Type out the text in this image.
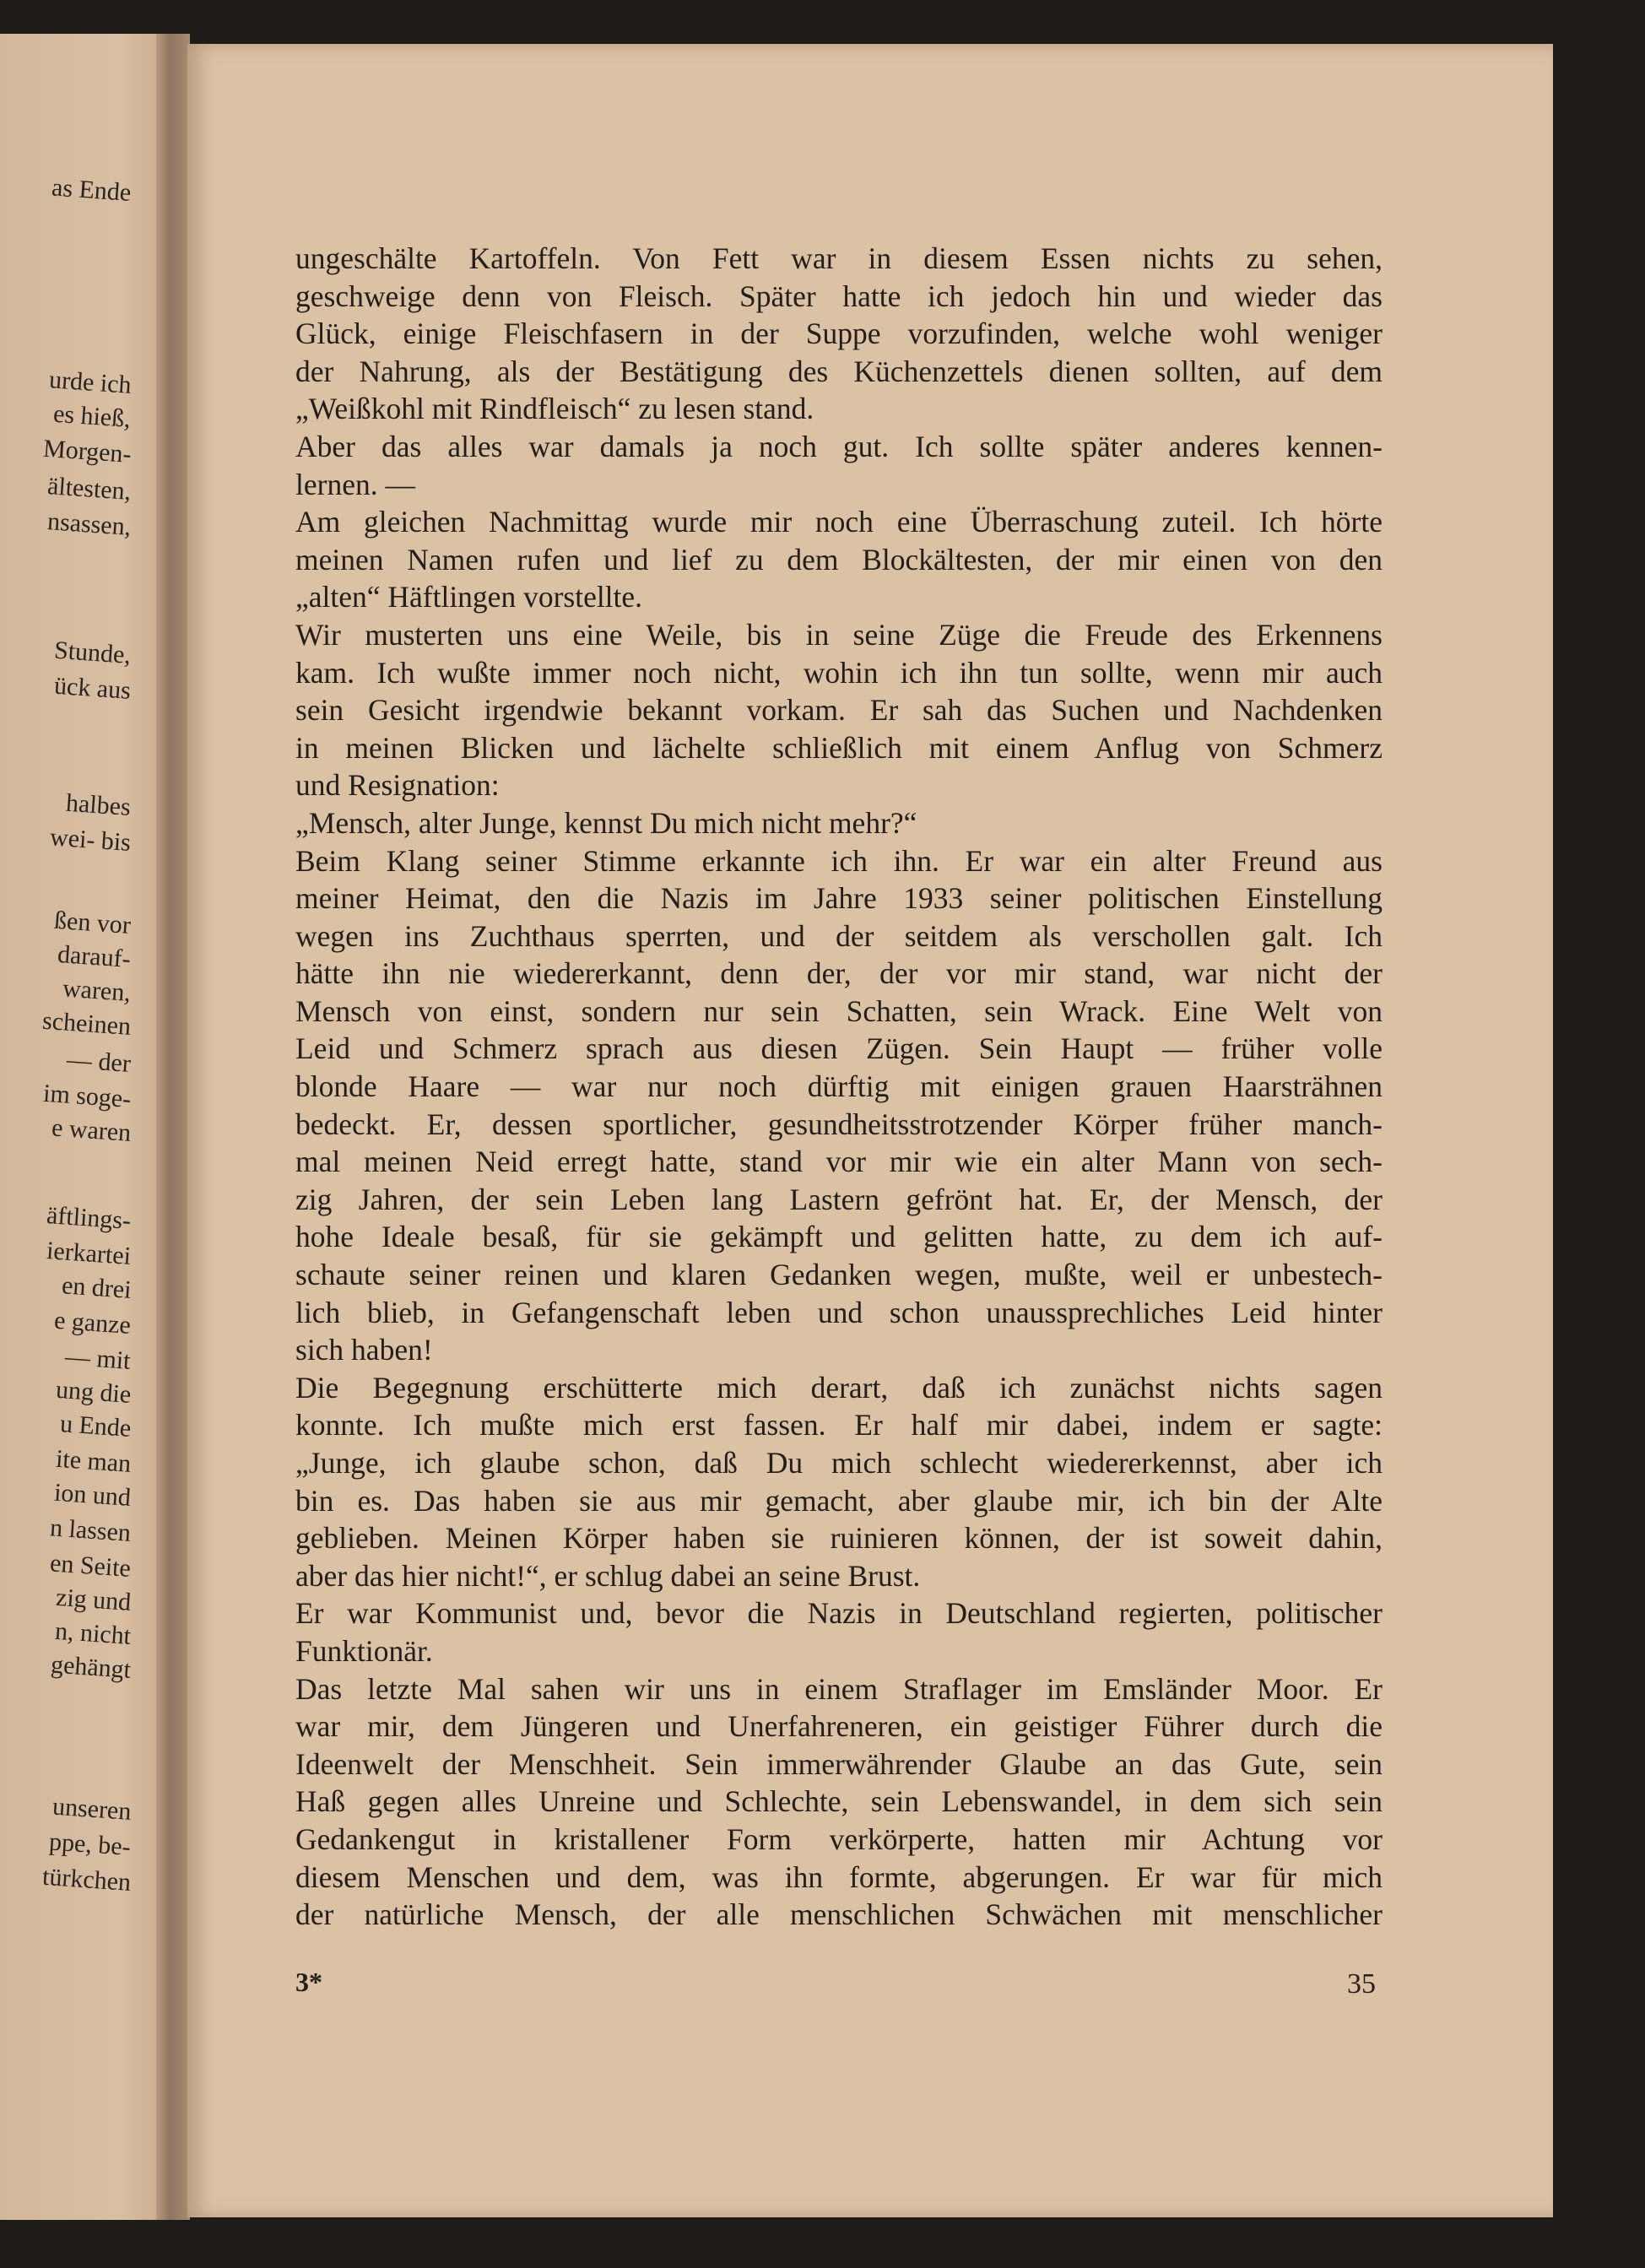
as Ende
urde ich
es hieß,
Morgen-
ältesten,
nsassen,
Stunde,
ück aus
halbes
wei- bis
ßen vor
darauf-
waren,
scheinen
— der
im soge-
e waren
äftlings-
ierkartei
en drei
e ganze
— mit
ung die
u Ende
ite man
ion und
n lassen
en Seite
zig und
n, nicht
gehängt
unseren
ppe, be-
türkchen
ungeschälte Kartoffeln. Von Fett war in diesem Essen nichts zu sehen,
geschweige denn von Fleisch. Später hatte ich jedoch hin und wieder das
Glück, einige Fleischfasern in der Suppe vorzufinden, welche wohl weniger
der Nahrung, als der Bestätigung des Küchenzettels dienen sollten, auf dem
„Weißkohl mit Rindfleisch“ zu lesen stand.
Aber das alles war damals ja noch gut. Ich sollte später anderes kennen-
lernen. —
Am gleichen Nachmittag wurde mir noch eine Überraschung zuteil. Ich hörte
meinen Namen rufen und lief zu dem Blockältesten, der mir einen von den
„alten“ Häftlingen vorstellte.
Wir musterten uns eine Weile, bis in seine Züge die Freude des Erkennens
kam. Ich wußte immer noch nicht, wohin ich ihn tun sollte, wenn mir auch
sein Gesicht irgendwie bekannt vorkam. Er sah das Suchen und Nachdenken
in meinen Blicken und lächelte schließlich mit einem Anflug von Schmerz
und Resignation:
„Mensch, alter Junge, kennst Du mich nicht mehr?“
Beim Klang seiner Stimme erkannte ich ihn. Er war ein alter Freund aus
meiner Heimat, den die Nazis im Jahre 1933 seiner politischen Einstellung
wegen ins Zuchthaus sperrten, und der seitdem als verschollen galt. Ich
hätte ihn nie wiedererkannt, denn der, der vor mir stand, war nicht der
Mensch von einst, sondern nur sein Schatten, sein Wrack. Eine Welt von
Leid und Schmerz sprach aus diesen Zügen. Sein Haupt — früher volle
blonde Haare — war nur noch dürftig mit einigen grauen Haarsträhnen
bedeckt. Er, dessen sportlicher, gesundheitsstrotzender Körper früher manch-
mal meinen Neid erregt hatte, stand vor mir wie ein alter Mann von sech-
zig Jahren, der sein Leben lang Lastern gefrönt hat. Er, der Mensch, der
hohe Ideale besaß, für sie gekämpft und gelitten hatte, zu dem ich auf-
schaute seiner reinen und klaren Gedanken wegen, mußte, weil er unbestech-
lich blieb, in Gefangenschaft leben und schon unaussprechliches Leid hinter
sich haben!
Die Begegnung erschütterte mich derart, daß ich zunächst nichts sagen
konnte. Ich mußte mich erst fassen. Er half mir dabei, indem er sagte:
„Junge, ich glaube schon, daß Du mich schlecht wiedererkennst, aber ich
bin es. Das haben sie aus mir gemacht, aber glaube mir, ich bin der Alte
geblieben. Meinen Körper haben sie ruinieren können, der ist soweit dahin,
aber das hier nicht!“, er schlug dabei an seine Brust.
Er war Kommunist und, bevor die Nazis in Deutschland regierten, politischer
Funktionär.
Das letzte Mal sahen wir uns in einem Straflager im Emsländer Moor. Er
war mir, dem Jüngeren und Unerfahreneren, ein geistiger Führer durch die
Ideenwelt der Menschheit. Sein immerwährender Glaube an das Gute, sein
Haß gegen alles Unreine und Schlechte, sein Lebenswandel, in dem sich sein
Gedankengut in kristallener Form verkörperte, hatten mir Achtung vor
diesem Menschen und dem, was ihn formte, abgerungen. Er war für mich
der natürliche Mensch, der alle menschlichen Schwächen mit menschlicher
3*	35
